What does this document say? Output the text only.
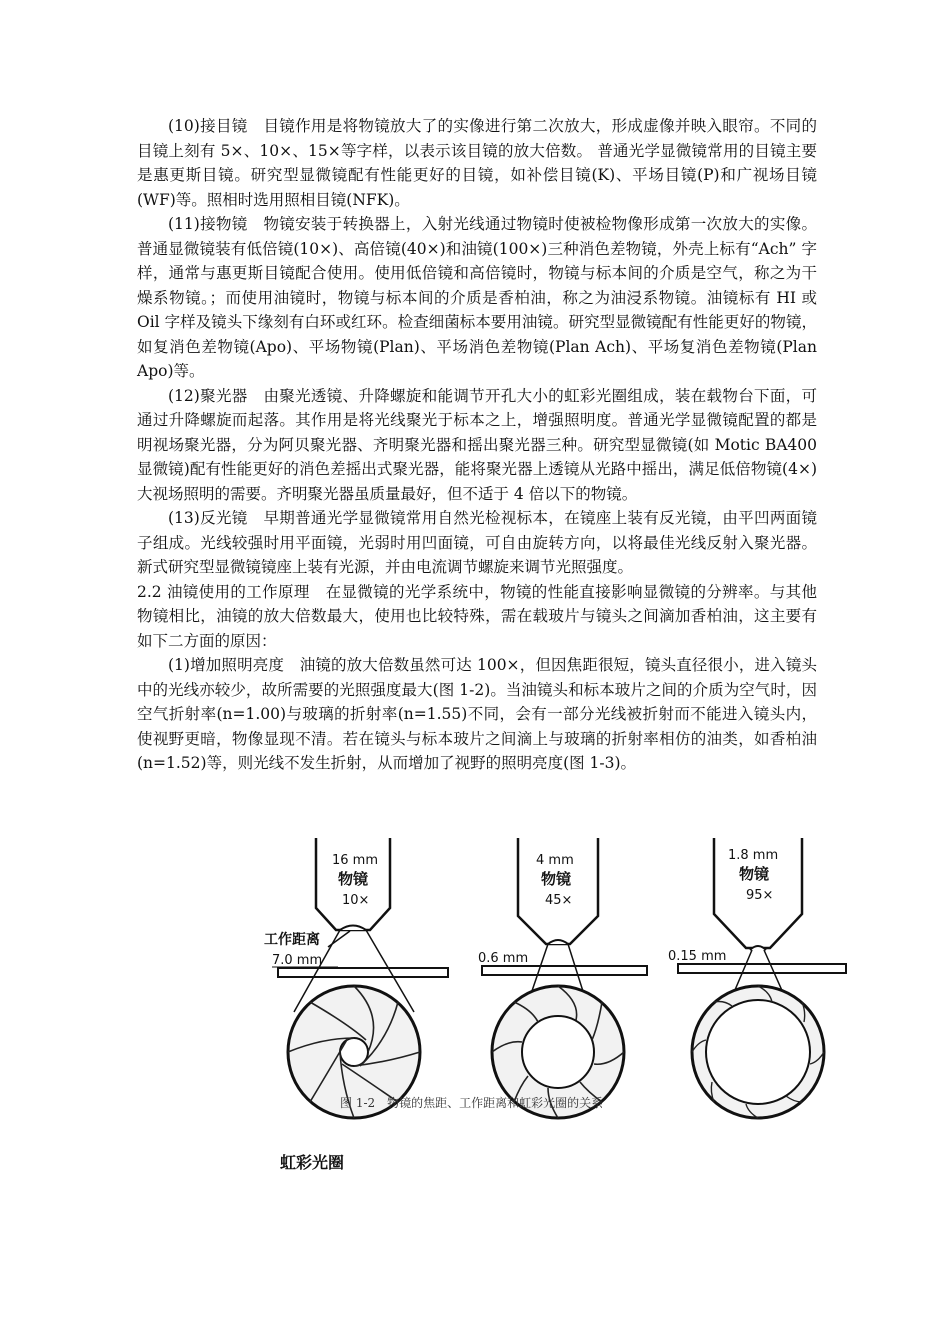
(10)接目镜　目镜作用是将物镜放大了的实像进行第二次放大，形成虚像并映入眼帘。不同的目镜上刻有 5×、10×、15×等字样，以表示该目镜的放大倍数。 普通光学显微镜常用的目镜主要是惠更斯目镜。研究型显微镜配有性能更好的目镜，如补偿目镜(K)、平场目镜(P)和广视场目镜(WF)等。照相时选用照相目镜(NFK)。

(11)接物镜　物镜安装于转换器上，入射光线通过物镜时使被检物像形成第一次放大的实像。普通显微镜装有低倍镜(10×)、高倍镜(40×)和油镜(100×)三种消色差物镜，外壳上标有“Ach” 字样，通常与惠更斯目镜配合使用。使用低倍镜和高倍镜时，物镜与标本间的介质是空气，称之为干燥系物镜。；而使用油镜时，物镜与标本间的介质是香柏油，称之为油浸系物镜。油镜标有 HI 或 Oil 字样及镜头下缘刻有白环或红环。检查细菌标本要用油镜。研究型显微镜配有性能更好的物镜，如复消色差物镜(Apo)、平场物镜(Plan)、平场消色差物镜(Plan Ach)、平场复消色差物镜(Plan Apo)等。

(12)聚光器　由聚光透镜、升降螺旋和能调节开孔大小的虹彩光圈组成，装在载物台下面，可通过升降螺旋而起落。其作用是将光线聚光于标本之上，增强照明度。普通光学显微镜配置的都是明视场聚光器，分为阿贝聚光器、齐明聚光器和摇出聚光器三种。研究型显微镜(如 Motic BA400 显微镜)配有性能更好的消色差摇出式聚光器，能将聚光器上透镜从光路中摇出，满足低倍物镜(4×)大视场照明的需要。齐明聚光器虽质量最好，但不适于 4 倍以下的物镜。

(13)反光镜　早期普通光学显微镜常用自然光检视标本，在镜座上装有反光镜，由平凹两面镜子组成。光线较强时用平面镜，光弱时用凹面镜，可自由旋转方向，以将最佳光线反射入聚光器。新式研究型显微镜镜座上装有光源，并由电流调节螺旋来调节光照强度。

2.2 油镜使用的工作原理　在显微镜的光学系统中，物镜的性能直接影响显微镜的分辨率。与其他物镜相比，油镜的放大倍数最大，使用也比较特殊，需在载玻片与镜头之间滴加香柏油，这主要有如下二方面的原因：

(1)增加照明亮度　油镜的放大倍数虽然可达 100×，但因焦距很短，镜头直径很小，进入镜头中的光线亦较少，故所需要的光照强度最大(图 1-2)。当油镜头和标本玻片之间的介质为空气时，因空气折射率(n=1.00)与玻璃的折射率(n=1.55)不同，会有一部分光线被折射而不能进入镜头内，使视野更暗，物像显现不清。若在镜头与标本玻片之间滴上与玻璃的折射率相仿的油类，如香柏油(n=1.52)等，则光线不发生折射，从而增加了视野的照明亮度(图 1-3)。

16 mm
物镜
10×
工作距离
7.0 mm
虹彩光圈
4 mm
物镜
45×
0.6 mm
1.8 mm
物镜
95×
0.15 mm
图 1-2　物镜的焦距、工作距离和虹彩光圈的关系
